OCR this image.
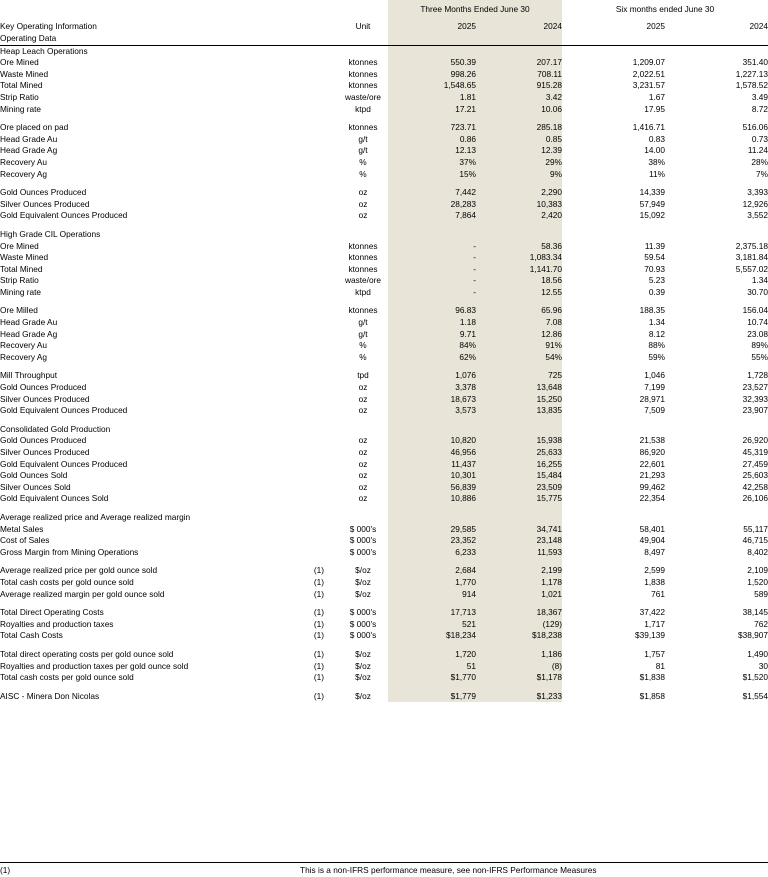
Key Operating Information		Unit	Three Months Ended June 30		Six months ended June 30	
			2025	2024	2025	2024
Operating Data						
Heap Leach Operations						
Ore Mined		ktonnes	550.39	207.17	1,209.07	351.40
Waste Mined		ktonnes	998.26	708.11	2,022.51	1,227.13
Total Mined		ktonnes	1,548.65	915.28	3,231.57	1,578.52
Strip Ratio		waste/ore	1.81	3.42	1.67	3.49
Mining rate		ktpd	17.21	10.06	17.95	8.72

Ore placed on pad		ktonnes	723.71	285.18	1,416.71	516.06
Head Grade Au		g/t	0.86	0.85	0.83	0.73
Head Grade Ag		g/t	12.13	12.39	14.00	11.24
Recovery Au		%	37%	29%	38%	28%
Recovery Ag		%	15%	9%	11%	7%

Gold Ounces Produced		oz	7,442	2,290	14,339	3,393
Silver Ounces Produced		oz	28,283	10,383	57,949	12,926
Gold Equivalent Ounces Produced		oz	7,864	2,420	15,092	3,552

High Grade CIL Operations						
Ore Mined		ktonnes	-	58.36	11.39	2,375.18
Waste Mined		ktonnes	-	1,083.34	59.54	3,181.84
Total Mined		ktonnes	-	1,141.70	70.93	5,557.02
Strip Ratio		waste/ore	-	18.56	5.23	1.34
Mining rate		ktpd	-	12.55	0.39	30.70

Ore Milled		ktonnes	96.83	65.96	188.35	156.04
Head Grade Au		g/t	1.18	7.08	1.34	10.74
Head Grade Ag		g/t	9.71	12.86	8.12	23.08
Recovery Au		%	84%	91%	88%	89%
Recovery Ag		%	62%	54%	59%	55%

Mill Throughput		tpd	1,076	725	1,046	1,728
Gold Ounces Produced		oz	3,378	13,648	7,199	23,527
Silver Ounces Produced		oz	18,673	15,250	28,971	32,393
Gold Equivalent Ounces Produced		oz	3,573	13,835	7,509	23,907

Consolidated Gold Production						
Gold Ounces Produced		oz	10,820	15,938	21,538	26,920
Silver Ounces Produced		oz	46,956	25,633	86,920	45,319
Gold Equivalent Ounces Produced		oz	11,437	16,255	22,601	27,459
Gold Ounces Sold		oz	10,301	15,484	21,293	25,603
Silver Ounces Sold		oz	56,839	23,509	99,462	42,258
Gold Equivalent Ounces Sold		oz	10,886	15,775	22,354	26,106

Average realized price and Average realized margin						
Metal Sales		$ 000's	29,585	34,741	58,401	55,117
Cost of Sales		$ 000's	23,352	23,148	49,904	46,715
Gross Margin from Mining Operations		$ 000's	6,233	11,593	8,497	8,402

Average realized price per gold ounce sold	(1)	$/oz	2,684	2,199	2,599	2,109
Total cash costs per gold ounce sold	(1)	$/oz	1,770	1,178	1,838	1,520
Average realized margin per gold ounce sold	(1)	$/oz	914	1,021	761	589

Total Direct Operating Costs	(1)	$ 000's	17,713	18,367	37,422	38,145
Royalties and production taxes	(1)	$ 000's	521	(129)	1,717	762
Total Cash Costs	(1)	$ 000's	$18,234	$18,238	$39,139	$38,907

Total direct operating costs per gold ounce sold	(1)	$/oz	1,720	1,186	1,757	1,490
Royalties and production taxes per gold ounce sold	(1)	$/oz	51	(8)	81	30
Total cash costs per gold ounce sold	(1)	$/oz	$1,770	$1,178	$1,838	$1,520

AISC - Minera Don Nicolas	(1)	$/oz	$1,779	$1,233	$1,858	$1,554

(1)	This is a non-IFRS performance measure, see non-IFRS Performance Measures
